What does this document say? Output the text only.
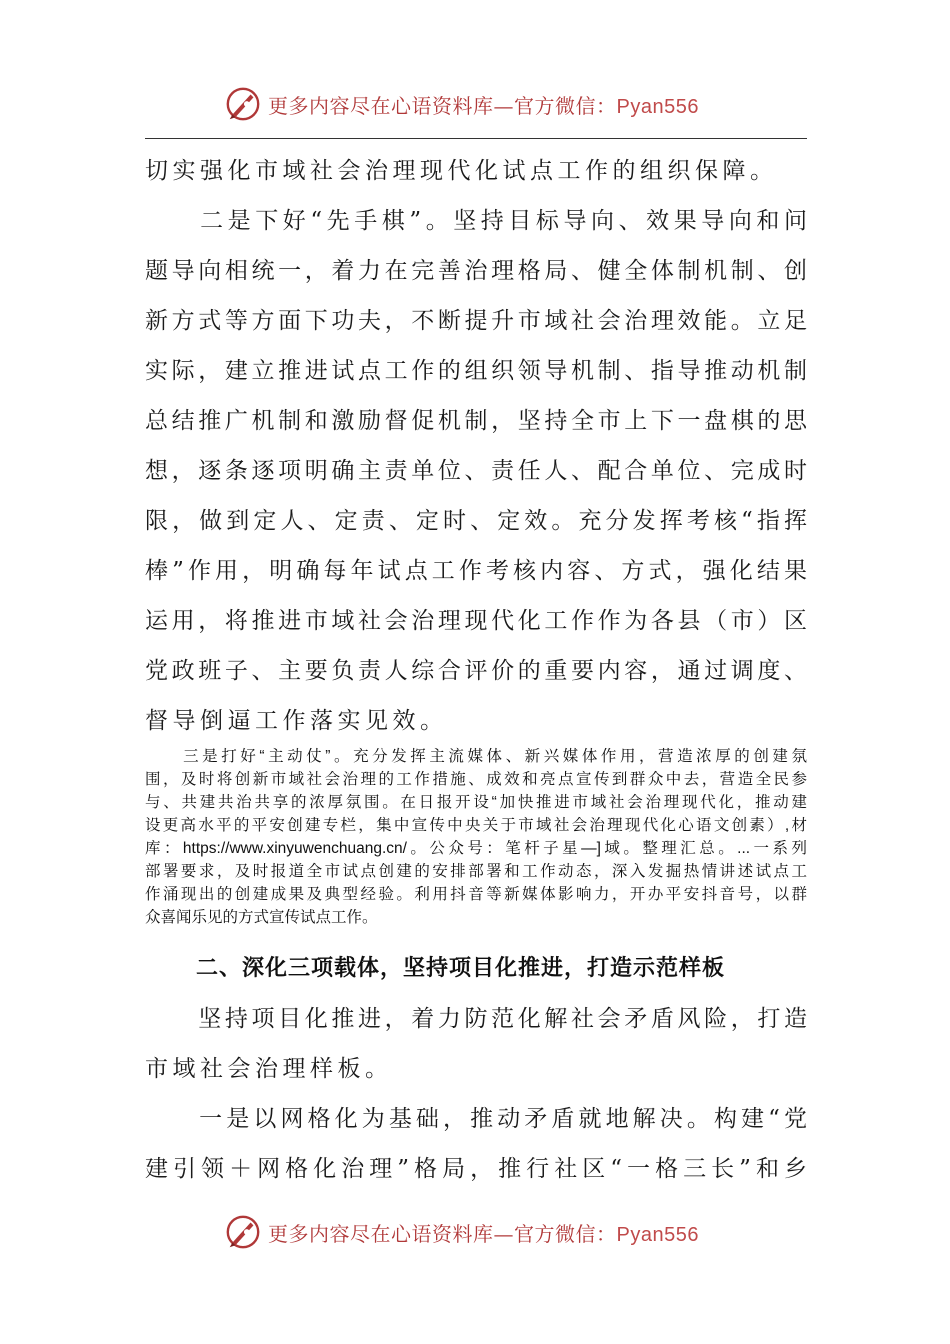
更多内容尽在心语资料库—官方微信：Pyan556
切实强化市域社会治理现代化试点工作的组织保障。
　　二是下好“先手棋”。坚持目标导向、效果导向和问
题导向相统一，着力在完善治理格局、健全体制机制、创
新方式等方面下功夫，不断提升市域社会治理效能。立足
实际，建立推进试点工作的组织领导机制、指导推动机制
总结推广机制和激励督促机制，坚持全市上下一盘棋的思
想，逐条逐项明确主责单位、责任人、配合单位、完成时
限，做到定人、定责、定时、定效。充分发挥考核“指挥
棒”作用，明确每年试点工作考核内容、方式，强化结果
运用，将推进市域社会治理现代化工作作为各县（市）区
党政班子、主要负责人综合评价的重要内容，通过调度、
督导倒逼工作落实见效。
　　三是打好“主动仗”。充分发挥主流媒体、新兴媒体作用，营造浓厚的创建氛
围，及时将创新市域社会治理的工作措施、成效和亮点宣传到群众中去，营造全民参
与、共建共治共享的浓厚氛围。在日报开设“加快推进市域社会治理现代化，推动建
设更高水平的平安创建专栏，集中宣传中央关于市域社会治理现代化心语文创素）,材
库：https://www.xinyuwenchuang.cn/。公众号：笔杆子星—]域。整理汇总。...一系列
部署要求，及时报道全市试点创建的安排部署和工作动态，深入发掘热情讲述试点工
作涌现出的创建成果及典型经验。利用抖音等新媒体影响力，开办平安抖音号，以群
众喜闻乐见的方式宣传试点工作。
二、深化三项载体，坚持项目化推进，打造示范样板
　　坚持项目化推进，着力防范化解社会矛盾风险，打造
市域社会治理样板。
　　一是以网格化为基础，推动矛盾就地解决。构建“党
建引领＋网格化治理”格局，推行社区“一格三长”和乡
更多内容尽在心语资料库—官方微信：Pyan556
